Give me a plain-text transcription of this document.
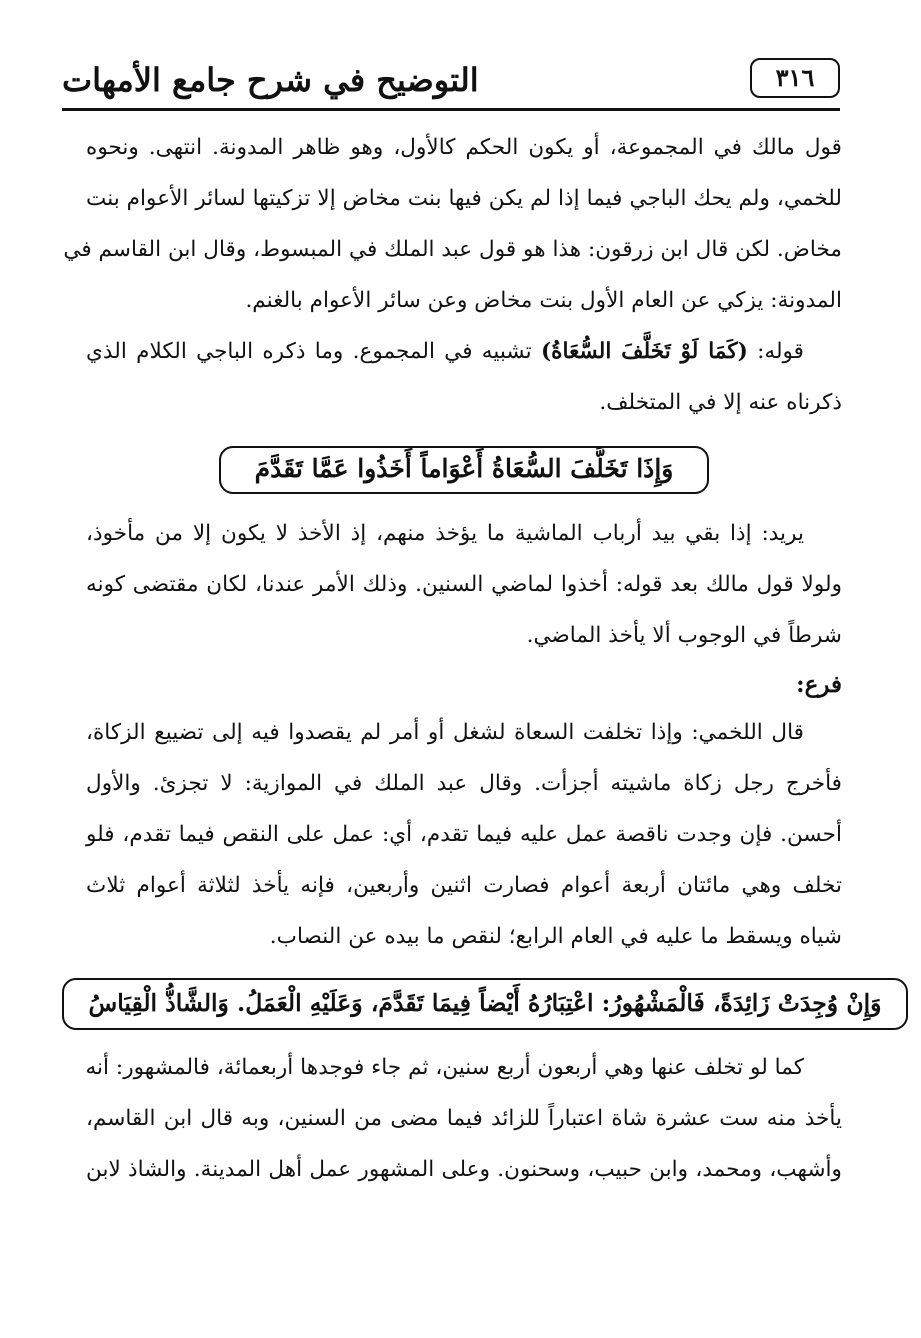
٣١٦
التوضيح في شرح جامع الأمهات

قول مالك في المجموعة، أو يكون الحكم كالأول، وهو ظاهر المدونة. انتهى. ونحوه
للخمي، ولم يحك الباجي فيما إذا لم يكن فيها بنت مخاض إلا تزكيتها لسائر الأعوام بنت
مخاض. لكن قال ابن زرقون: هذا هو قول عبد الملك في المبسوط، وقال ابن القاسم في
المدونة: يزكي عن العام الأول بنت مخاض وعن سائر الأعوام بالغنم.

قوله: (كَمَا لَوْ تَخَلَّفَ السُّعَاةُ) تشبيه في المجموع. وما ذكره الباجي الكلام الذي
ذكرناه عنه إلا في المتخلف.

وَإِذَا تَخَلَّفَ السُّعَاةُ أَعْوَاماً أَخَذُوا عَمَّا تَقَدَّمَ

يريد: إذا بقي بيد أرباب الماشية ما يؤخذ منهم، إذ الأخذ لا يكون إلا من مأخوذ،
ولولا قول مالك بعد قوله: أخذوا لماضي السنين. وذلك الأمر عندنا، لكان مقتضى كونه
شرطاً في الوجوب ألا يأخذ الماضي.

فرع:

قال اللخمي: وإذا تخلفت السعاة لشغل أو أمر لم يقصدوا فيه إلى تضييع الزكاة،
فأخرج رجل زكاة ماشيته أجزأت. وقال عبد الملك في الموازية: لا تجزئ. والأول
أحسن. فإن وجدت ناقصة عمل عليه فيما تقدم، أي: عمل على النقص فيما تقدم، فلو
تخلف وهي مائتان أربعة أعوام فصارت اثنين وأربعين، فإنه يأخذ لثلاثة أعوام ثلاث
شياه ويسقط ما عليه في العام الرابع؛ لنقص ما بيده عن النصاب.

وَإِنْ وُجِدَتْ زَائِدَةً، فَالْمَشْهُورُ: اعْتِبَارُهُ أَيْضاً فِيمَا تَقَدَّمَ، وَعَلَيْهِ الْعَمَلُ. وَالشَّاذُّ الْقِيَاسُ

كما لو تخلف عنها وهي أربعون أربع سنين، ثم جاء فوجدها أربعمائة، فالمشهور: أنه
يأخذ منه ست عشرة شاة اعتباراً للزائد فيما مضى من السنين، وبه قال ابن القاسم،
وأشهب، ومحمد، وابن حبيب، وسحنون. وعلى المشهور عمل أهل المدينة. والشاذ لابن
